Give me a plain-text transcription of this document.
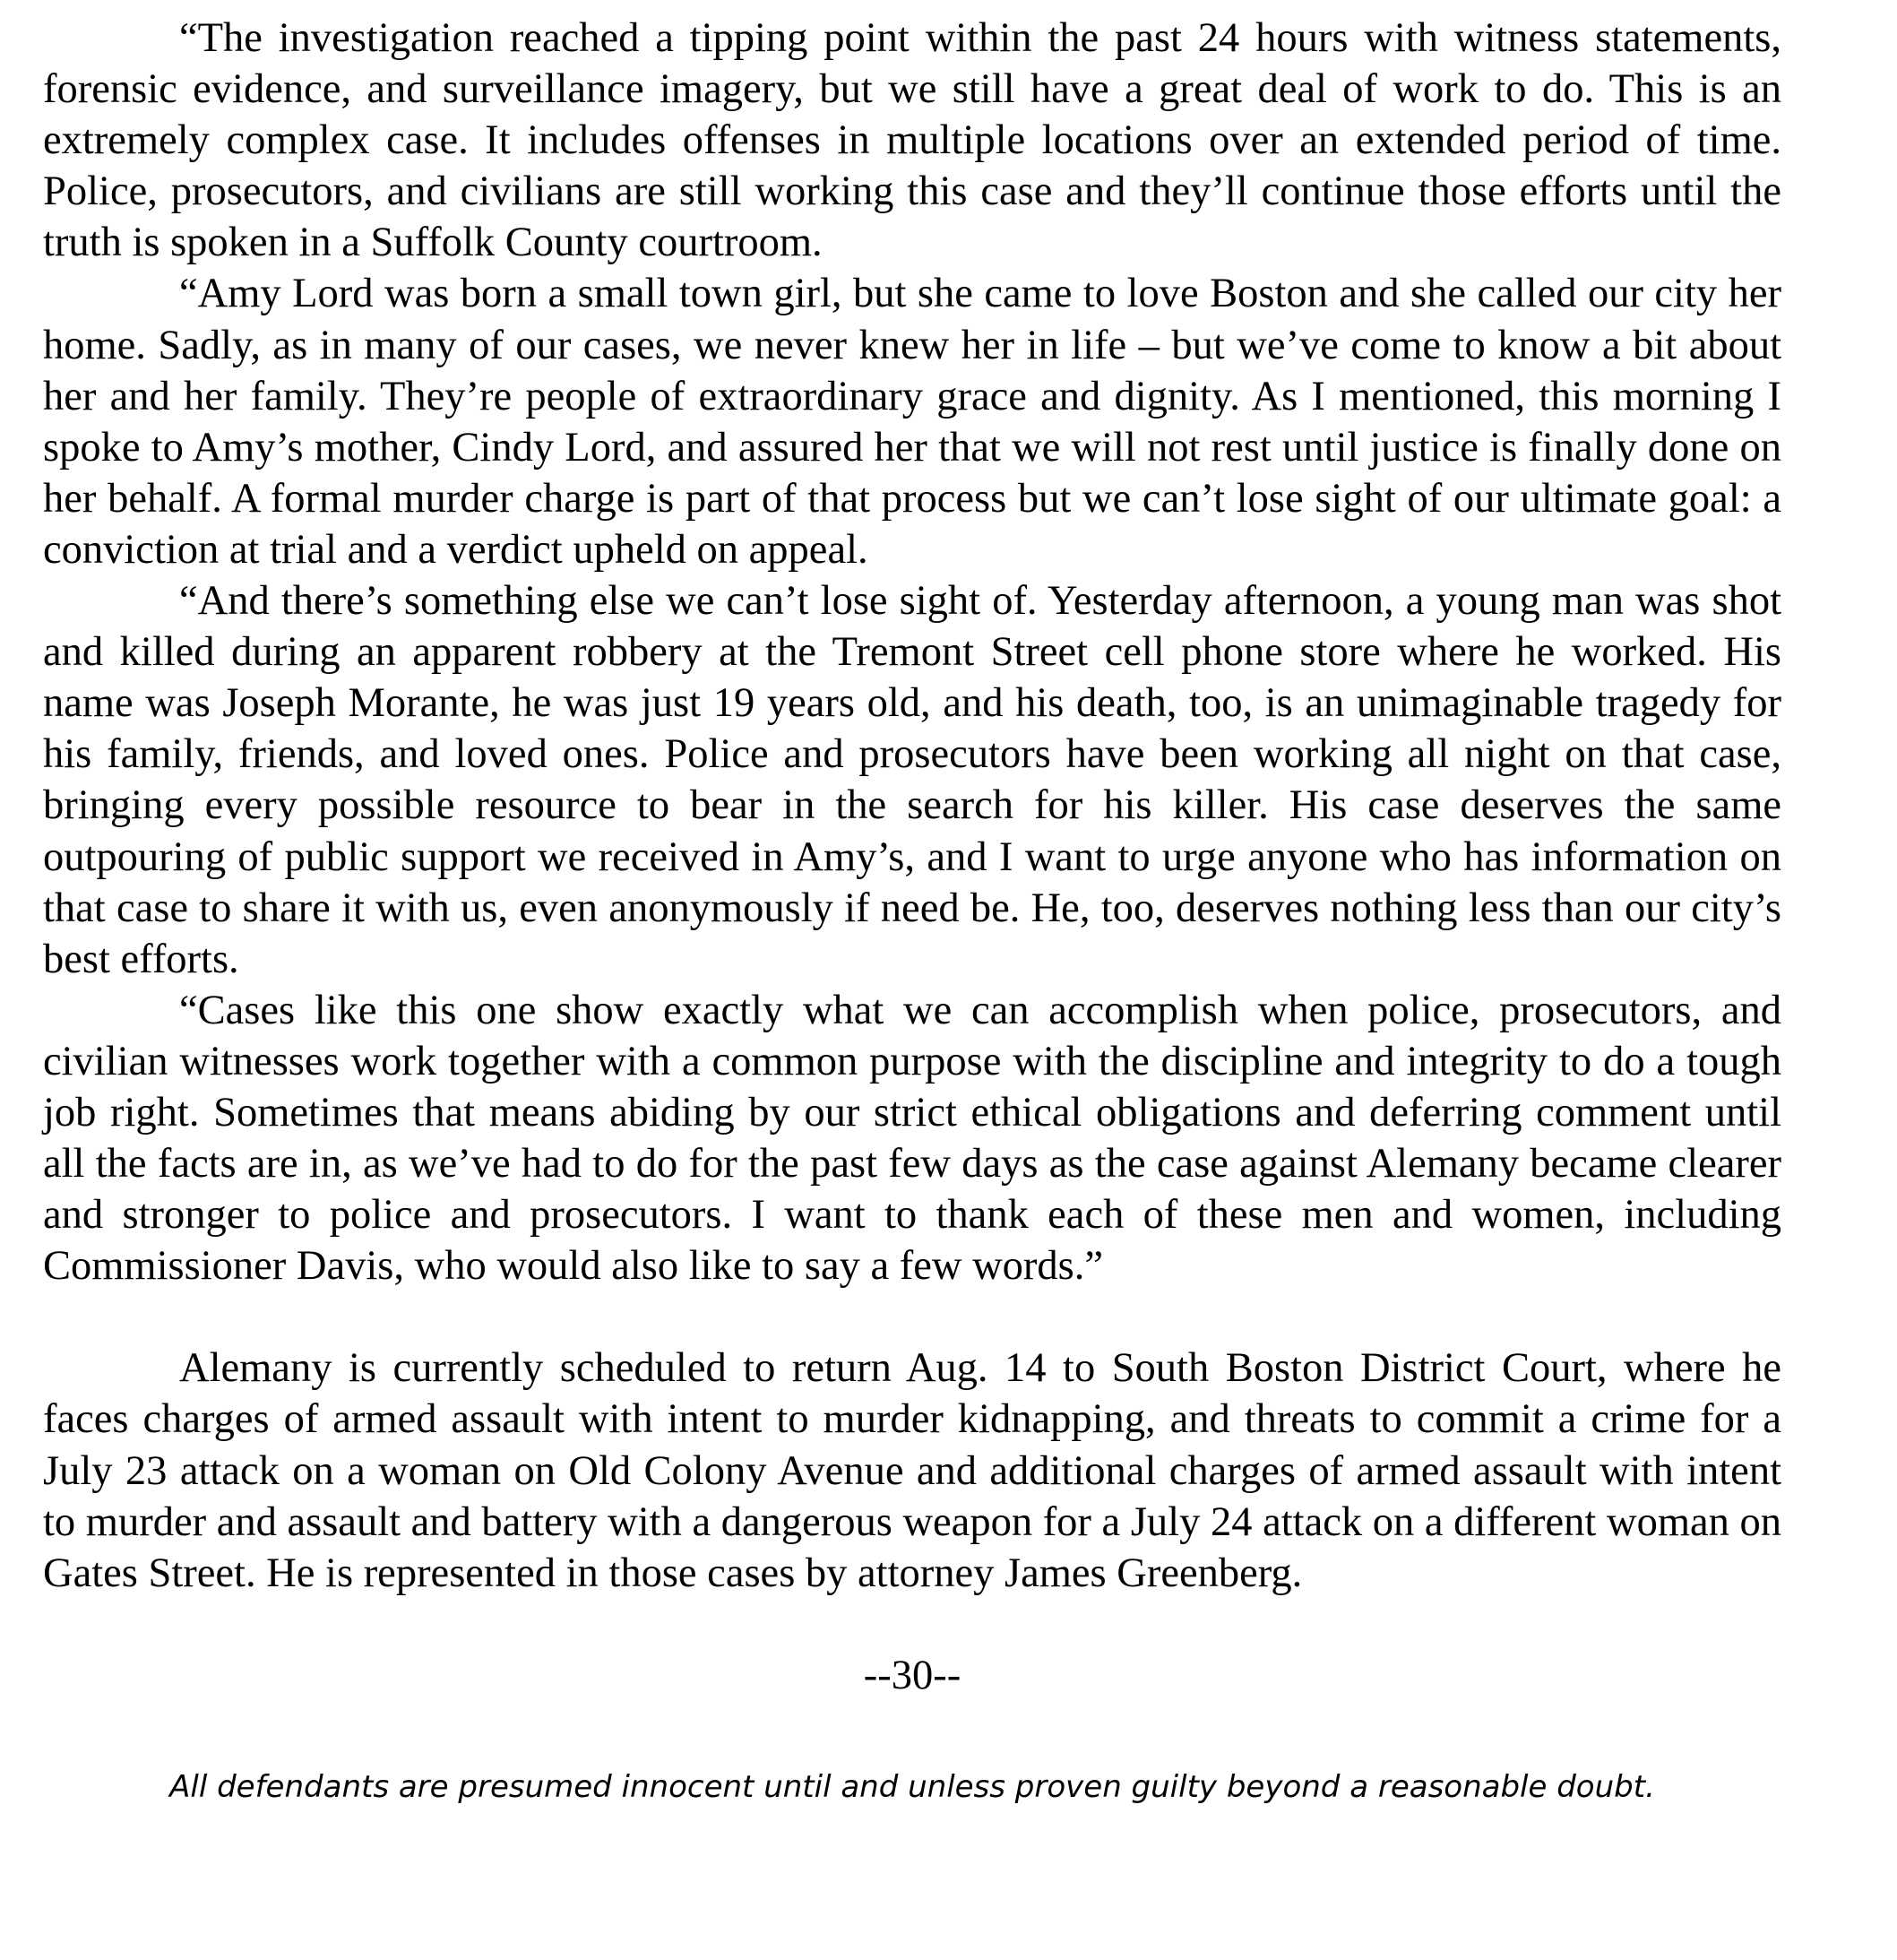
“The investigation reached a tipping point within the past 24 hours with witness statements, forensic evidence, and surveillance imagery, but we still have a great deal of work to do. This is an extremely complex case. It includes offenses in multiple locations over an extended period of time. Police, prosecutors, and civilians are still working this case and they’ll continue those efforts until the truth is spoken in a Suffolk County courtroom.

“Amy Lord was born a small town girl, but she came to love Boston and she called our city her home. Sadly, as in many of our cases, we never knew her in life – but we’ve come to know a bit about her and her family. They’re people of extraordinary grace and dignity. As I mentioned, this morning I spoke to Amy’s mother, Cindy Lord, and assured her that we will not rest until justice is finally done on her behalf. A formal murder charge is part of that process but we can’t lose sight of our ultimate goal: a conviction at trial and a verdict upheld on appeal.

“And there’s something else we can’t lose sight of. Yesterday afternoon, a young man was shot and killed during an apparent robbery at the Tremont Street cell phone store where he worked. His name was Joseph Morante, he was just 19 years old, and his death, too, is an unimaginable tragedy for his family, friends, and loved ones. Police and prosecutors have been working all night on that case, bringing every possible resource to bear in the search for his killer. His case deserves the same outpouring of public support we received in Amy’s, and I want to urge anyone who has information on that case to share it with us, even anonymously if need be. He, too, deserves nothing less than our city’s best efforts.

“Cases like this one show exactly what we can accomplish when police, prosecutors, and civilian witnesses work together with a common purpose with the discipline and integrity to do a tough job right. Sometimes that means abiding by our strict ethical obligations and deferring comment until all the facts are in, as we’ve had to do for the past few days as the case against Alemany became clearer and stronger to police and prosecutors. I want to thank each of these men and women, including Commissioner Davis, who would also like to say a few words.”

Alemany is currently scheduled to return Aug. 14 to South Boston District Court, where he faces charges of armed assault with intent to murder kidnapping, and threats to commit a crime for a July 23 attack on a woman on Old Colony Avenue and additional charges of armed assault with intent to murder and assault and battery with a dangerous weapon for a July 24 attack on a different woman on Gates Street. He is represented in those cases by attorney James Greenberg.

--30--
All defendants are presumed innocent until and unless proven guilty beyond a reasonable doubt.
